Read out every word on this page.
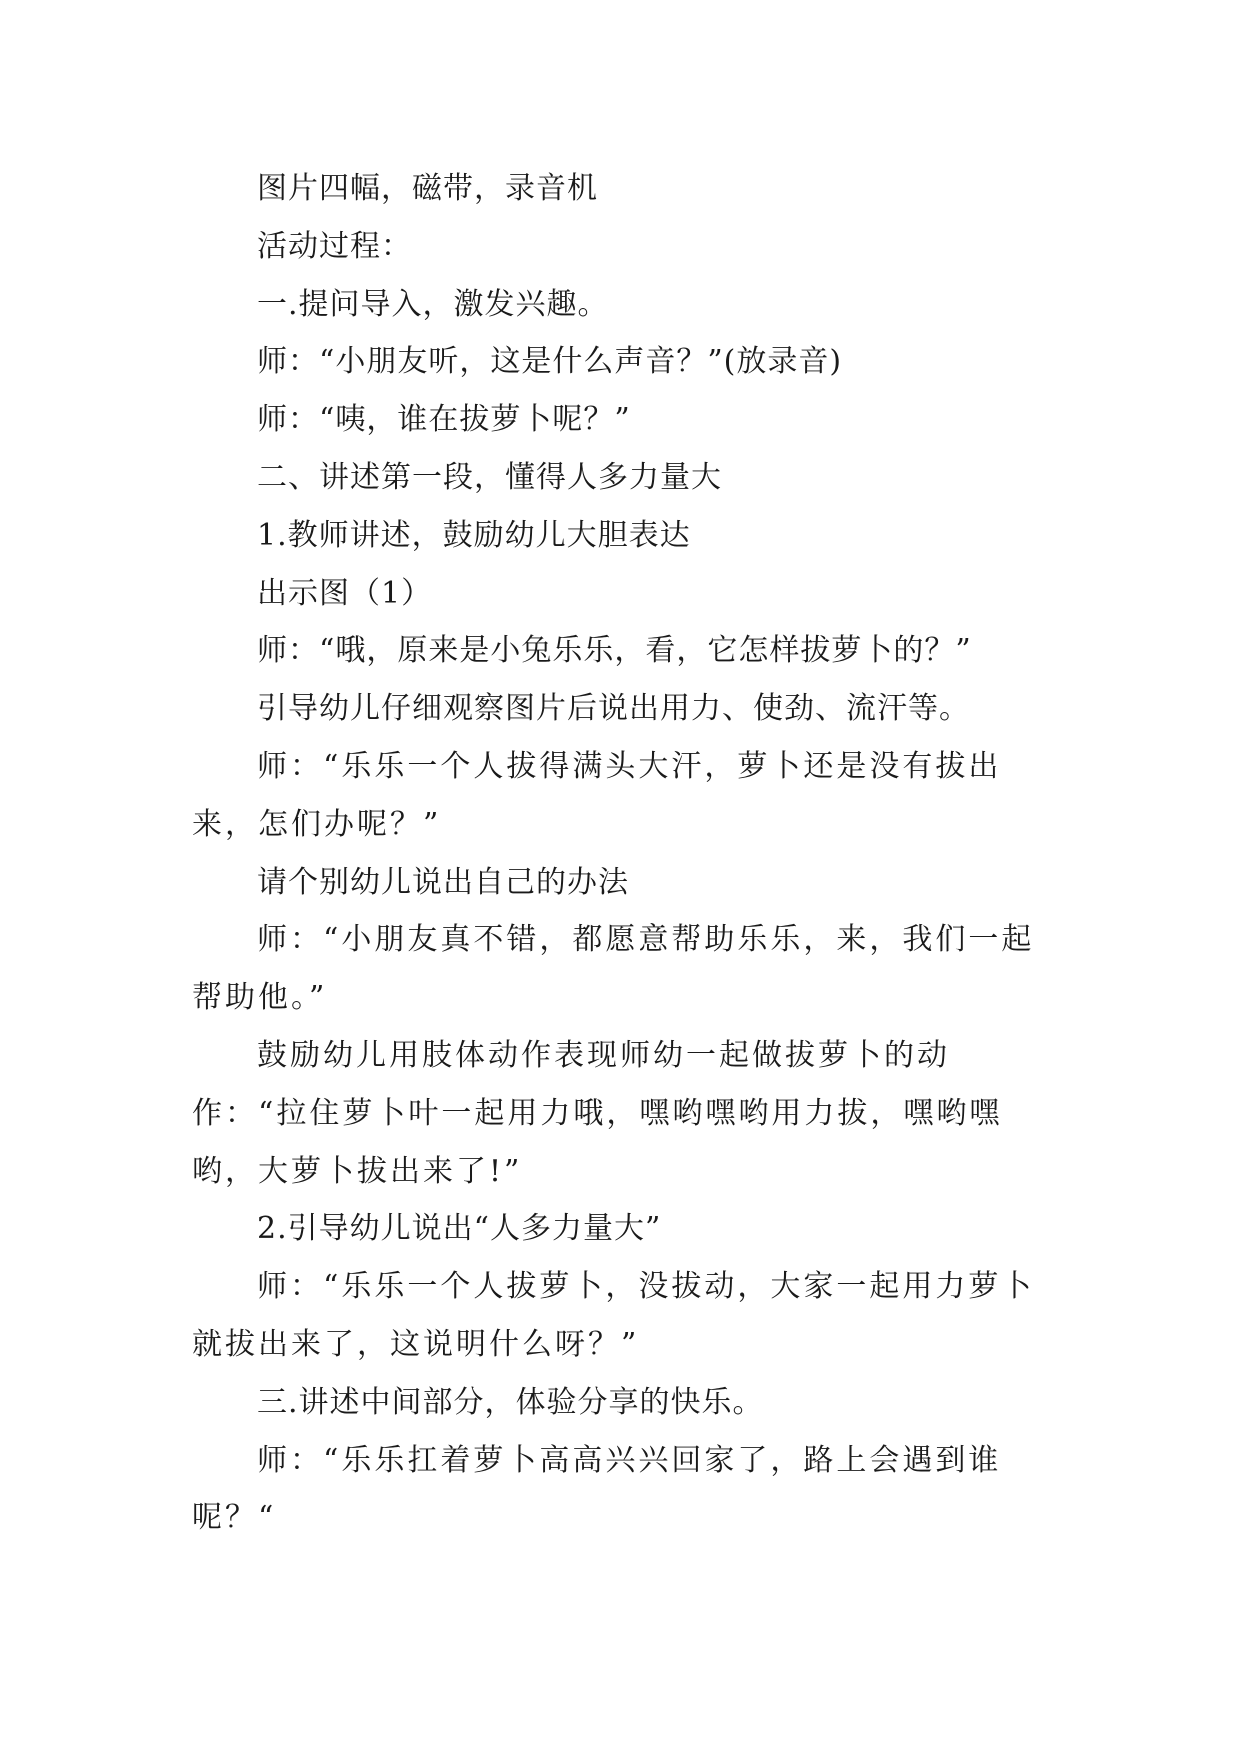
图片四幅，磁带，录音机

活动过程：

一.提问导入，激发兴趣。

师：“小朋友听，这是什么声音？”(放录音)

师：“咦，谁在拔萝卜呢？”

二、讲述第一段，懂得人多力量大

1.教师讲述，鼓励幼儿大胆表达

出示图（1）

师：“哦，原来是小兔乐乐，看，它怎样拔萝卜的？”

引导幼儿仔细观察图片后说出用力、使劲、流汗等。

师：“乐乐一个人拔得满头大汗，萝卜还是没有拔出来，怎们办呢？”

请个别幼儿说出自己的办法

师：“小朋友真不错，都愿意帮助乐乐，来，我们一起帮助他。”

鼓励幼儿用肢体动作表现师幼一起做拔萝卜的动作：“拉住萝卜叶一起用力哦，嘿哟嘿哟用力拔，嘿哟嘿哟，大萝卜拔出来了!”

2.引导幼儿说出“人多力量大”

师：“乐乐一个人拔萝卜，没拔动，大家一起用力萝卜就拔出来了，这说明什么呀？”

三.讲述中间部分，体验分享的快乐。

师：“乐乐扛着萝卜高高兴兴回家了，路上会遇到谁呢？“
